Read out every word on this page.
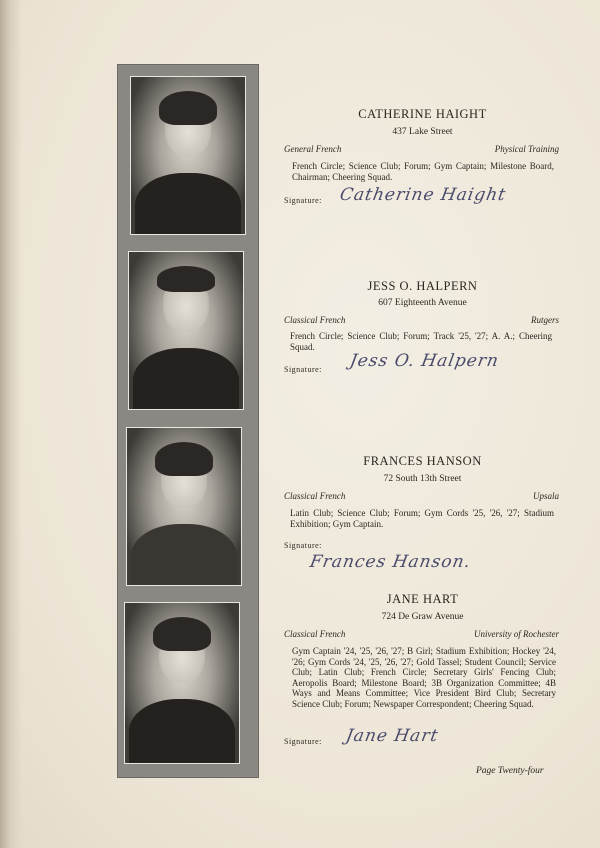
CATHERINE HAIGHT
437 Lake Street
General French	Physical Training
French Circle; Science Club; Forum; Gym Captain; Milestone Board, Chairman; Cheering Squad.
Signature: Catherine Haight
JESS O. HALPERN
607 Eighteenth Avenue
Classical French	Rutgers
French Circle; Science Club; Forum; Track '25, '27; A. A.; Cheering Squad.
Signature: Jess O. Halpern
FRANCES HANSON
72 South 13th Street
Classical French	Upsala
Latin Club; Science Club; Forum; Gym Cords '25, '26, '27; Stadium Exhibition; Gym Captain.
Signature:
Frances Hanson.
JANE HART
724 De Graw Avenue
Classical French	University of Rochester
Gym Captain '24, '25, '26, '27; B Girl; Stadium Exhibition; Hockey '24, '26; Gym Cords '24, '25, '26, '27; Gold Tassel; Student Council; Service Club; Latin Club; French Circle; Secretary Girls' Fencing Club; Aeropolis Board; Milestone Board; 3B Organization Committee; 4B Ways and Means Committee; Vice President Bird Club; Secretary Science Club; Forum; Newspaper Correspondent; Cheering Squad.
Signature: Jane Hart
Page Twenty-four
